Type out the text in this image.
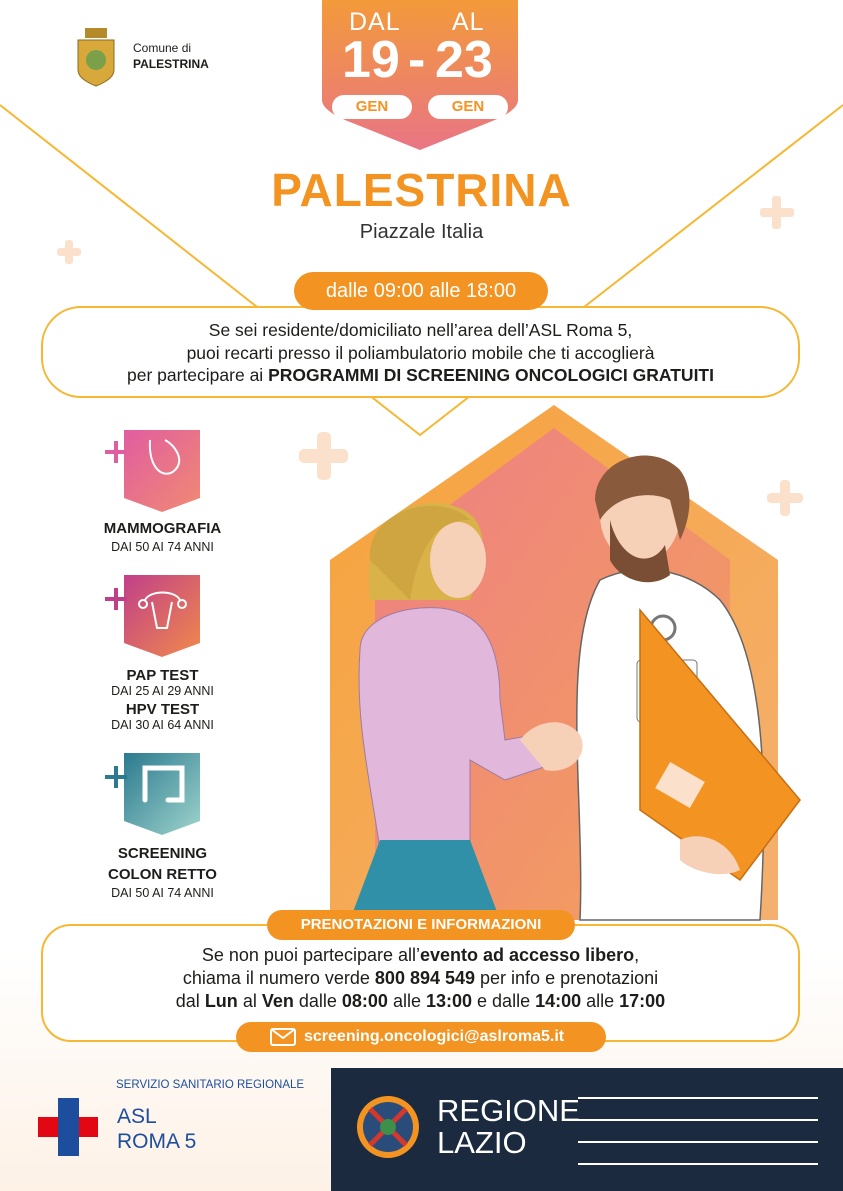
Comune di
PALESTRINA
DAL AL
19 - 23
GEN	GEN
PALESTRINA
Piazzale Italia
Se sei residente/domiciliato nell’area dell’ASL Roma 5,
puoi recarti presso il poliambulatorio mobile che ti accoglierà
per partecipare ai PROGRAMMI DI SCREENING ONCOLOGICI GRATUITI
dalle 09:00 alle 18:00
MAMMOGRAFIA
DAI 50 AI 74 ANNI
PAP TEST
DAI 25 AI 29 ANNI
HPV TEST
DAI 30 AI 64 ANNI
SCREENING
COLON RETTO
DAI 50 AI 74 ANNI
PRENOTAZIONI E INFORMAZIONI
Se non puoi partecipare all’evento ad accesso libero,
chiama il numero verde 800 894 549 per info e prenotazioni
dal Lun al Ven dalle 08:00 alle 13:00 e dalle 14:00 alle 17:00
screening.oncologici@aslroma5.it
SERVIZIO SANITARIO REGIONALE
ASL
ROMA 5
REGIONE
LAZIO
